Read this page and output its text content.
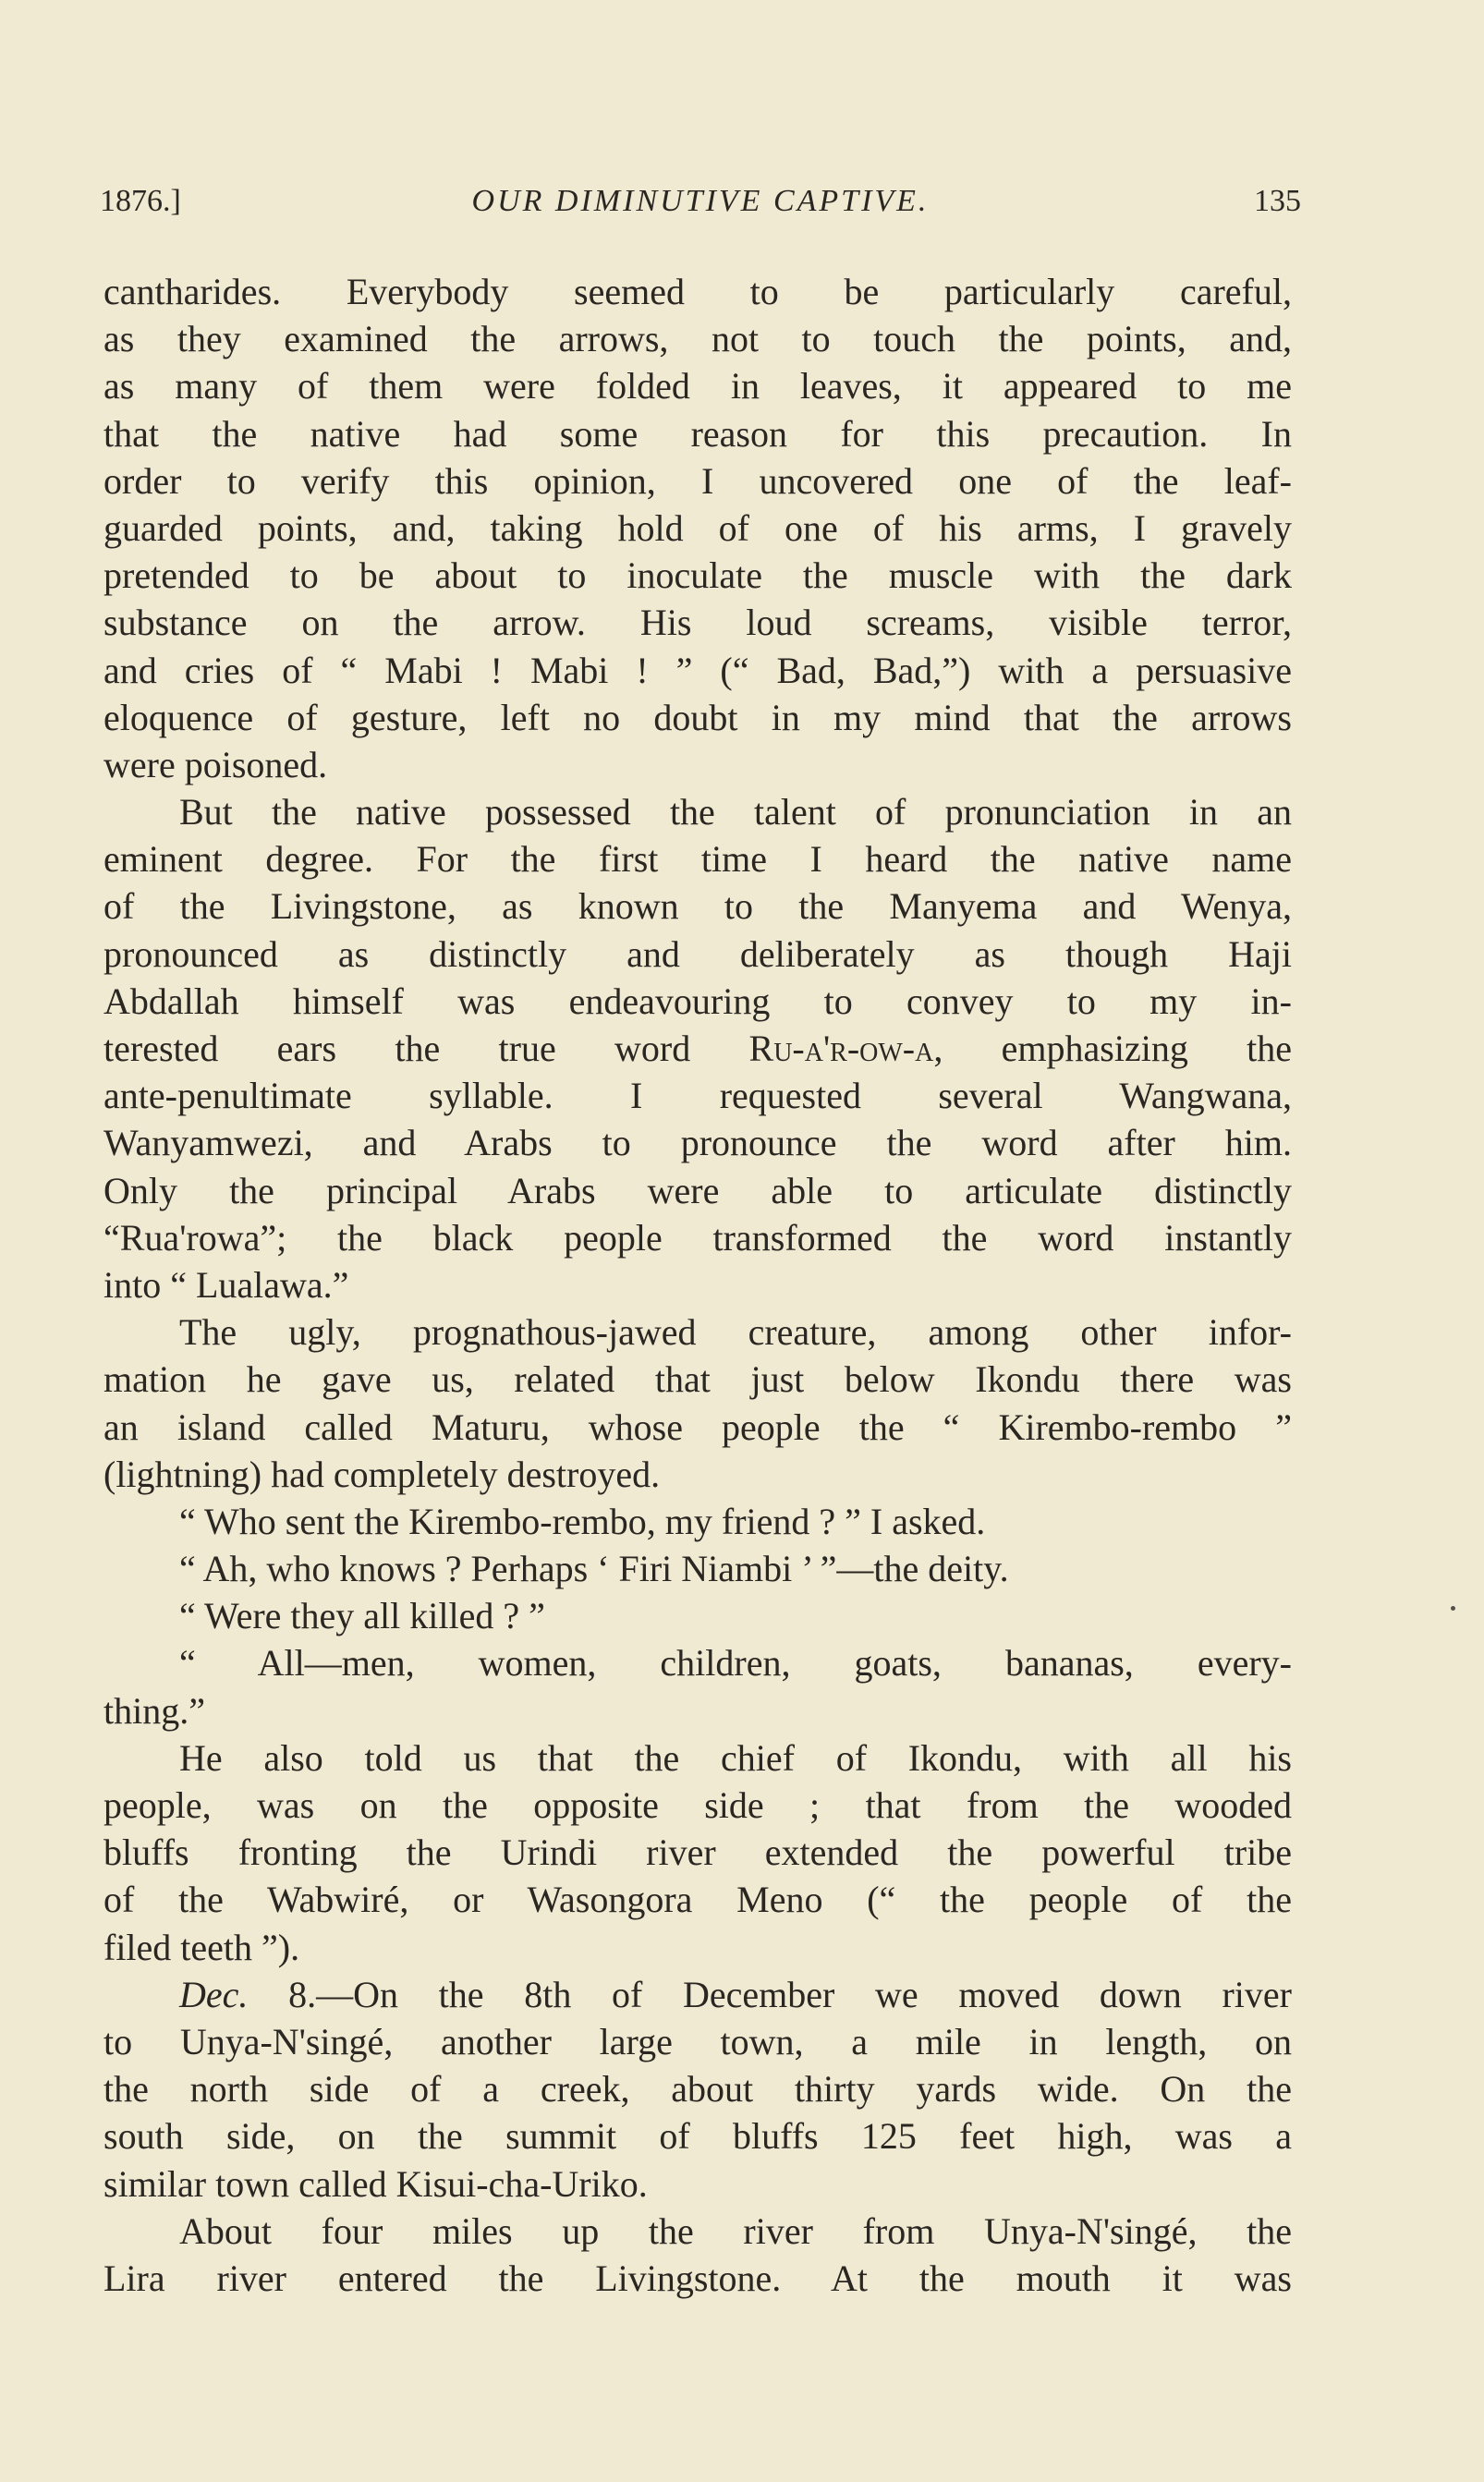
1876.]	OUR DIMINUTIVE CAPTIVE.	135
cantharides. Everybody seemed to be particularly careful,
as they examined the arrows, not to touch the points, and,
as many of them were folded in leaves, it appeared to me
that the native had some reason for this precaution. In
order to verify this opinion, I uncovered one of the leaf-
guarded points, and, taking hold of one of his arms, I gravely
pretended to be about to inoculate the muscle with the dark
substance on the arrow. His loud screams, visible terror,
and cries of “ Mabi ! Mabi ! ” (“ Bad, Bad,”) with a persuasive
eloquence of gesture, left no doubt in my mind that the arrows
were poisoned.
But the native possessed the talent of pronunciation in an
eminent degree. For the first time I heard the native name
of the Livingstone, as known to the Manyema and Wenya,
pronounced as distinctly and deliberately as though Haji
Abdallah himself was endeavouring to convey to my in-
terested ears the true word Ru-a'r-ow-a, emphasizing the
ante-penultimate syllable. I requested several Wangwana,
Wanyamwezi, and Arabs to pronounce the word after him.
Only the principal Arabs were able to articulate distinctly
“Rua'rowa”; the black people transformed the word instantly
into “ Lualawa.”
The ugly, prognathous-jawed creature, among other infor-
mation he gave us, related that just below Ikondu there was
an island called Maturu, whose people the “ Kirembo-rembo ”
(lightning) had completely destroyed.
“ Who sent the Kirembo-rembo, my friend ? ” I asked.
“ Ah, who knows ? Perhaps ‘ Firi Niambi ’ ”—the deity.
“ Were they all killed ? ”
“ All—men, women, children, goats, bananas, every-
thing.”
He also told us that the chief of Ikondu, with all his
people, was on the opposite side ; that from the wooded
bluffs fronting the Urindi river extended the powerful tribe
of the Wabwiré, or Wasongora Meno (“ the people of the
filed teeth ”).
Dec. 8.—On the 8th of December we moved down river
to Unya-N'singé, another large town, a mile in length, on
the north side of a creek, about thirty yards wide. On the
south side, on the summit of bluffs 125 feet high, was a
similar town called Kisui-cha-Uriko.
About four miles up the river from Unya-N'singé, the
Lira river entered the Livingstone. At the mouth it was
